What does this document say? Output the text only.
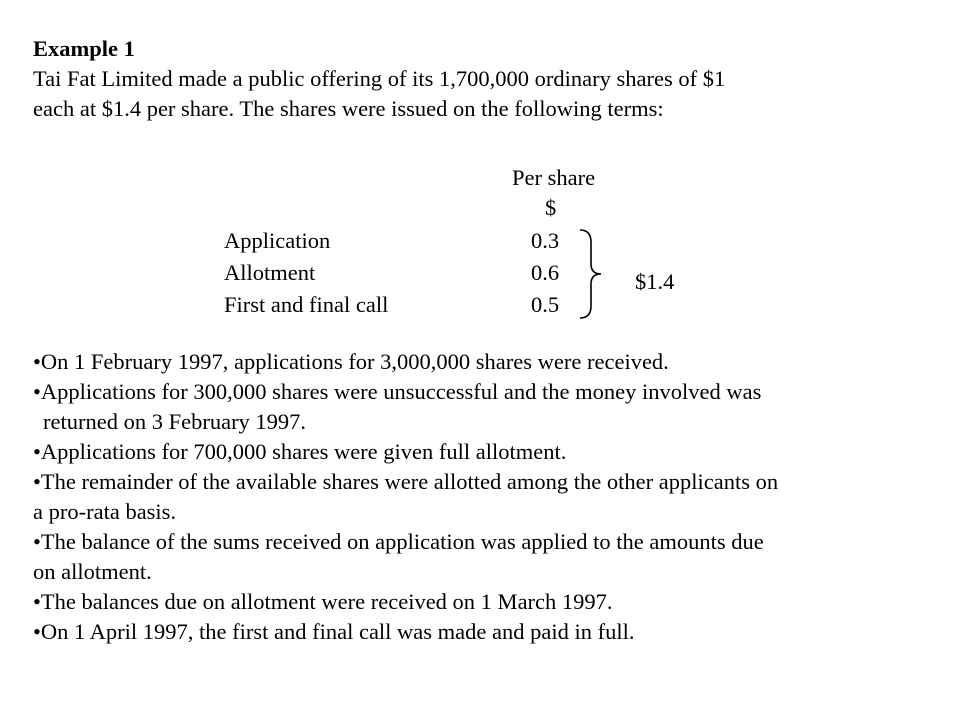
Example 1
Tai Fat Limited made a public offering of its 1,700,000 ordinary shares of $1
each at $1.4 per share. The shares were issued on the following terms:
Per share
$
Application	0.3
Allotment	0.6
First and final call	0.5
$1.4
•On 1 February 1997, applications for 3,000,000 shares were received.
•Applications for 300,000 shares were unsuccessful and the money involved was
returned on 3 February 1997.
•Applications for 700,000 shares were given full allotment.
•The remainder of the available shares were allotted among the other applicants on
a pro-rata basis.
•The balance of the sums received on application was applied to the amounts due
on allotment.
•The balances due on allotment were received on 1 March 1997.
•On 1 April 1997, the first and final call was made and paid in full.
